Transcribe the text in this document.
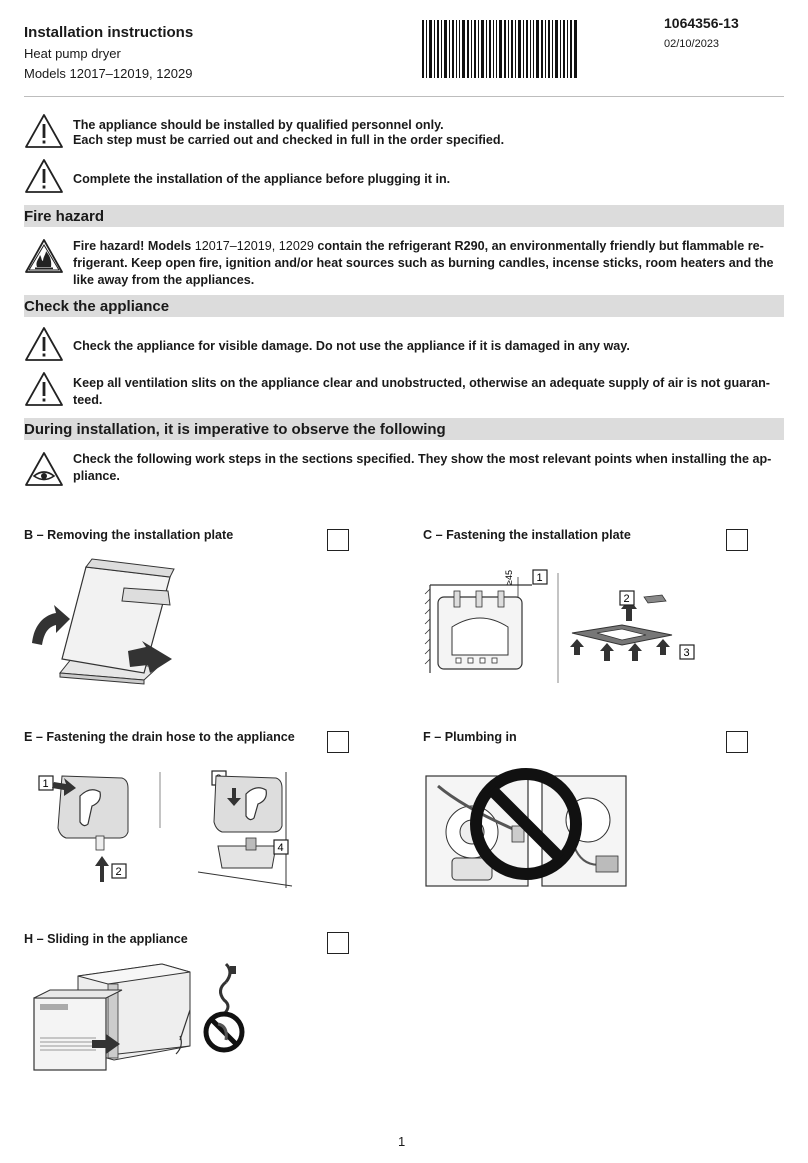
Installation instructions
Heat pump dryer
Models 12017–12019, 12029
1064356-13
02/10/2023
The appliance should be installed by qualified personnel only.
Each step must be carried out and checked in full in the order specified.
Complete the installation of the appliance before plugging it in.
Fire hazard
Fire hazard! Models 12017–12019, 12029 contain the refrigerant R290, an environmentally friendly but flammable re-
frigerant. Keep open fire, ignition and/or heat sources such as burning candles, incense sticks, room heaters and the
like away from the appliances.
Check the appliance
Check the appliance for visible damage. Do not use the appliance if it is damaged in any way.
Keep all ventilation slits on the appliance clear and unobstructed, otherwise an adequate supply of air is not guaran-
teed.
During installation, it is imperative to observe the following
Check the following work steps in the sections specified. They show the most relevant points when installing the ap-
pliance.
B – Removing the installation plate	C – Fastening the installation plate
≥45 1
2
3
E – Fastening the drain hose to the appliance
1
2
4
F – Plumbing in
H – Sliding in the appliance
1
